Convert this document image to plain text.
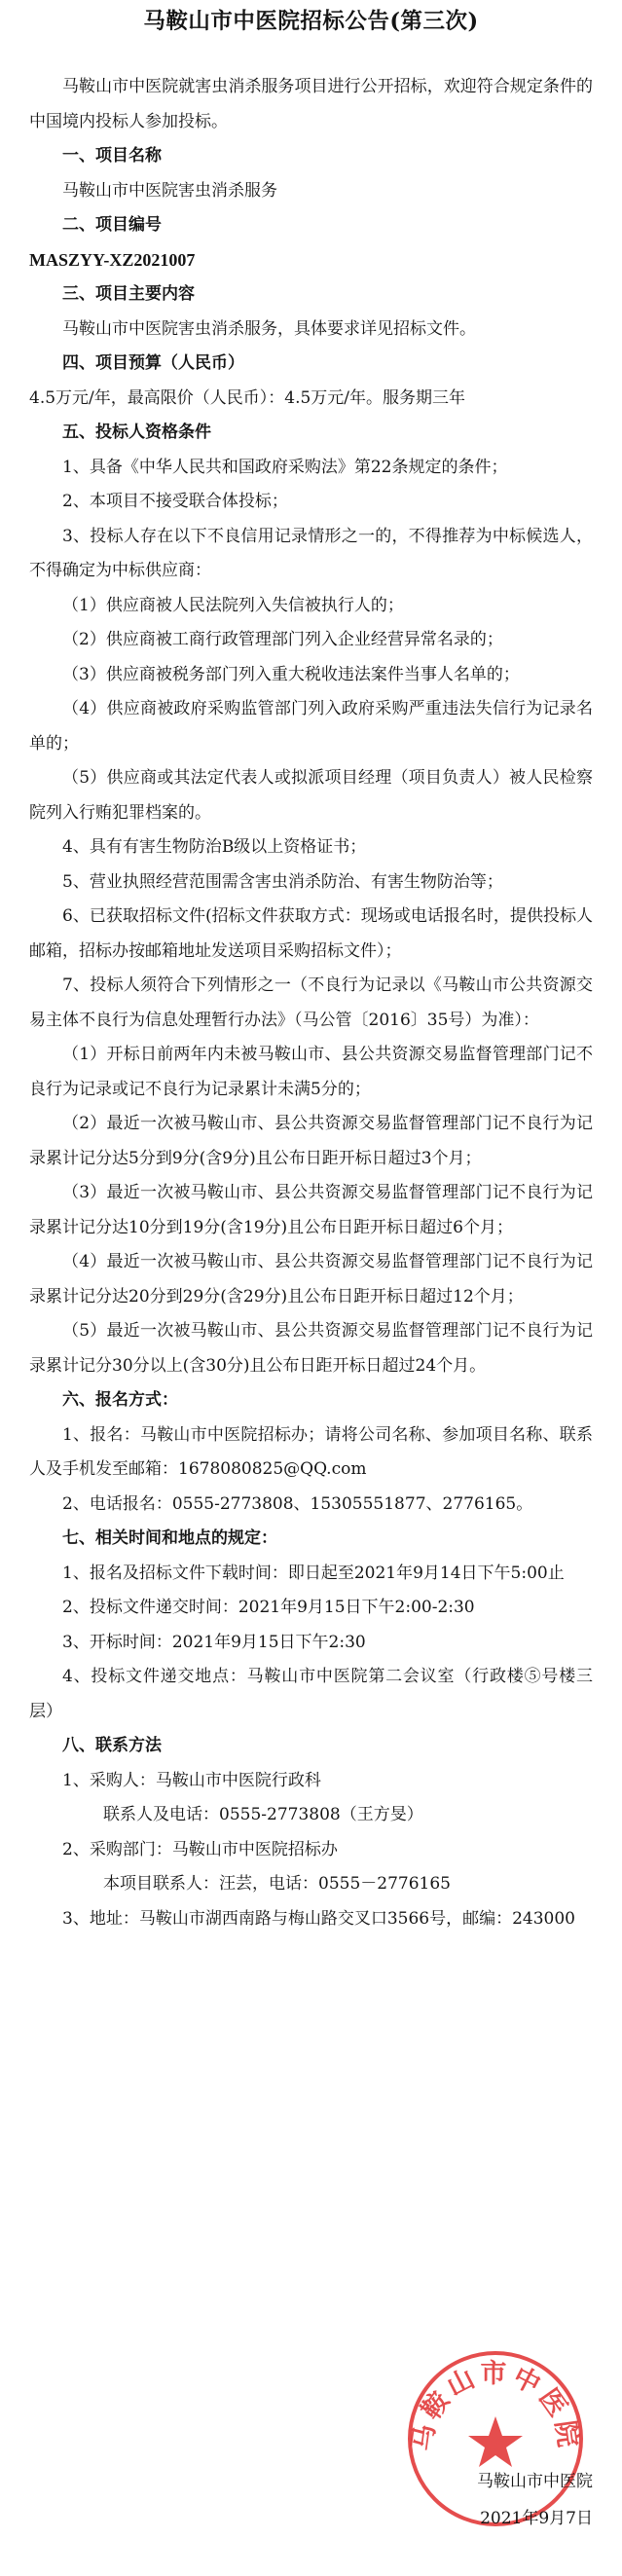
马鞍山市中医院招标公告(第三次)

马鞍山市中医院就害虫消杀服务项目进行公开招标，欢迎符合规定条件的中国境内投标人参加投标。

一、项目名称

马鞍山市中医院害虫消杀服务

二、项目编号

MASZYY-XZ2021007

三、项目主要内容

马鞍山市中医院害虫消杀服务，具体要求详见招标文件。

四、项目预算（人民币）

4.5万元/年，最高限价（人民币）：4.5万元/年。服务期三年

五、投标人资格条件

1、具备《中华人民共和国政府采购法》第22条规定的条件；

2、本项目不接受联合体投标；

3、投标人存在以下不良信用记录情形之一的，不得推荐为中标候选人，不得确定为中标供应商：

（1）供应商被人民法院列入失信被执行人的；

（2）供应商被工商行政管理部门列入企业经营异常名录的；

（3）供应商被税务部门列入重大税收违法案件当事人名单的；

（4）供应商被政府采购监管部门列入政府采购严重违法失信行为记录名单的；

（5）供应商或其法定代表人或拟派项目经理（项目负责人）被人民检察院列入行贿犯罪档案的。

4、具有有害生物防治B级以上资格证书；

5、营业执照经营范围需含害虫消杀防治、有害生物防治等；

6、已获取招标文件(招标文件获取方式：现场或电话报名时，提供投标人邮箱，招标办按邮箱地址发送项目采购招标文件）；

7、投标人须符合下列情形之一（不良行为记录以《马鞍山市公共资源交易主体不良行为信息处理暂行办法》（马公管〔2016〕35号）为准）：

（1）开标日前两年内未被马鞍山市、县公共资源交易监督管理部门记不良行为记录或记不良行为记录累计未满5分的；

（2）最近一次被马鞍山市、县公共资源交易监督管理部门记不良行为记录累计记分达5分到9分(含9分)且公布日距开标日超过3个月；

（3）最近一次被马鞍山市、县公共资源交易监督管理部门记不良行为记录累计记分达10分到19分(含19分)且公布日距开标日超过6个月；

（4）最近一次被马鞍山市、县公共资源交易监督管理部门记不良行为记录累计记分达20分到29分(含29分)且公布日距开标日超过12个月；

（5）最近一次被马鞍山市、县公共资源交易监督管理部门记不良行为记录累计记分30分以上(含30分)且公布日距开标日超过24个月。

六、报名方式：

1、报名：马鞍山市中医院招标办；请将公司名称、参加项目名称、联系人及手机发至邮箱：1678080825@QQ.com

2、电话报名：0555-2773808、15305551877、2776165。

七、相关时间和地点的规定：

1、报名及招标文件下载时间：即日起至2021年9月14日下午5:00止

2、投标文件递交时间：2021年9月15日下午2:00-2:30

3、开标时间：2021年9月15日下午2:30

4、投标文件递交地点：马鞍山市中医院第二会议室（行政楼⑤号楼三层）

八、联系方法

1、采购人：马鞍山市中医院行政科

联系人及电话：0555-2773808（王方旻）

2、采购部门：马鞍山市中医院招标办

本项目联系人：汪芸，电话：0555－2776165

3、地址：马鞍山市湖西南路与梅山路交叉口3566号，邮编：243000

马鞍山市中医院

马鞍山市中医院

2021年9月7日
